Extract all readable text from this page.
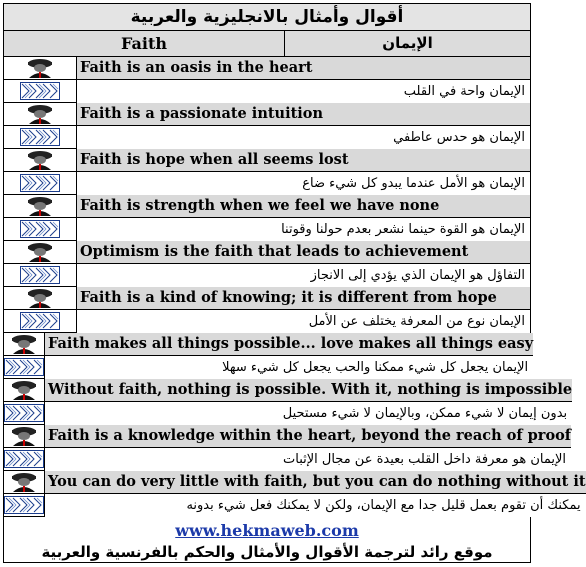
أقوال وأمثال بالانجليزية والعربية
Faith	الإيمان
Faith is an oasis in the heart
الإيمان واحة في القلب
Faith is a passionate intuition
الإيمان هو حدس عاطفي
Faith is hope when all seems lost
الإيمان هو الأمل عندما يبدو كل شيء ضاع
Faith is strength when we feel we have none
الإيمان هو القوة حينما نشعر بعدم حولنا وقوتنا
Optimism is the faith that leads to achievement
التفاؤل هو الإيمان الذي يؤدي إلى الانجاز
Faith is a kind of knowing; it is different from hope
الإيمان نوع من المعرفة يختلف عن الأمل
Faith makes all things possible... love makes all things easy
الإيمان يجعل كل شيء ممكنا والحب يجعل كل شيء سهلا
Without faith, nothing is possible. With it, nothing is impossible
بدون إيمان لا شيء ممكن، وبالإيمان لا شيء مستحيل
Faith is a knowledge within the heart, beyond the reach of proof
الإيمان هو معرفة داخل القلب بعيدة عن مجال الإثبات
You can do very little with faith, but you can do nothing without it
يمكنك أن تقوم بعمل قليل جدا مع الإيمان، ولكن لا يمكنك فعل شيء بدونه
www.hekmaweb.com
موقع رائد لترجمة الأقوال والأمثال والحكم بالفرنسية والعربية
